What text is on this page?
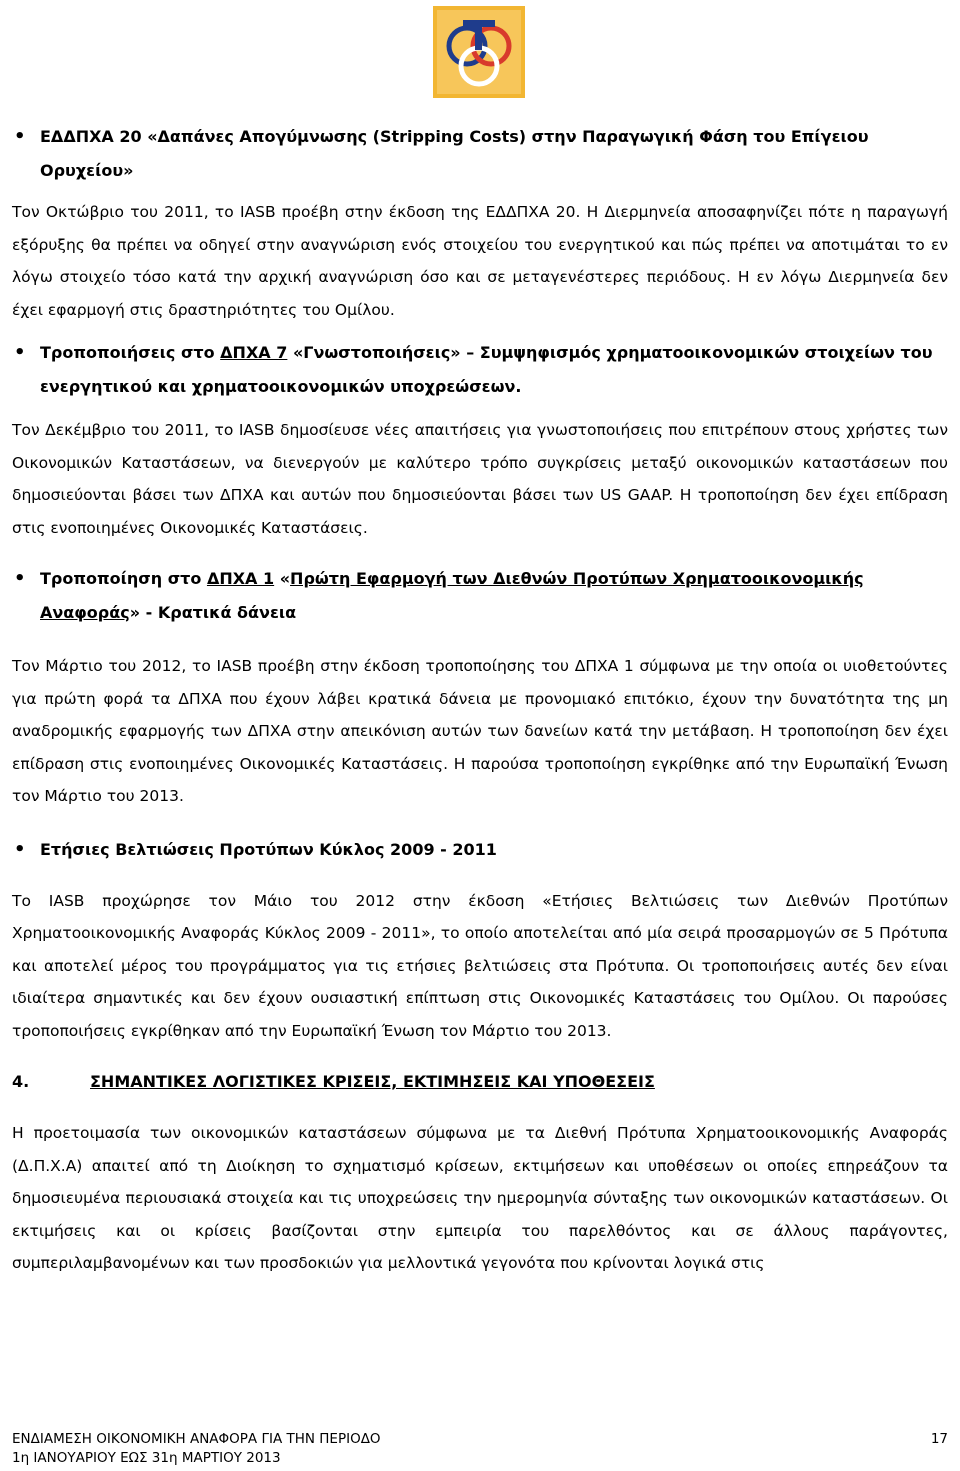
• ΕΔΔΠΧΑ 20 «Δαπάνες Απογύμνωσης (Stripping Costs) στην Παραγωγική Φάση του Επίγειου Ορυχείου»

Τον Οκτώβριο του 2011, το IASB προέβη στην έκδοση της ΕΔΔΠΧΑ 20. Η Διερμηνεία αποσαφηνίζει πότε η παραγωγή εξόρυξης θα πρέπει να οδηγεί στην αναγνώριση ενός στοιχείου του ενεργητικού και πώς πρέπει να αποτιμάται το εν λόγω στοιχείο τόσο κατά την αρχική αναγνώριση όσο και σε μεταγενέστερες περιόδους. Η εν λόγω Διερμηνεία δεν έχει εφαρμογή στις δραστηριότητες του Ομίλου.

• Τροποποιήσεις στο ΔΠΧΑ 7 «Γνωστοποιήσεις» – Συμψηφισμός χρηματοοικονομικών στοιχείων του ενεργητικού και χρηματοοικονομικών υποχρεώσεων.

Τον Δεκέμβριο του 2011, το IASB δημοσίευσε νέες απαιτήσεις για γνωστοποιήσεις που επιτρέπουν στους χρήστες των Οικονομικών Καταστάσεων, να διενεργούν με καλύτερο τρόπο συγκρίσεις μεταξύ οικονομικών καταστάσεων που δημοσιεύονται βάσει των ΔΠΧΑ και αυτών που δημοσιεύονται βάσει των US GAAP. Η τροποποίηση δεν έχει επίδραση στις ενοποιημένες Οικονομικές Καταστάσεις.

• Τροποποίηση στο ΔΠΧΑ 1 «Πρώτη Εφαρμογή των Διεθνών Προτύπων Χρηματοοικονομικής Αναφοράς» - Κρατικά δάνεια

Τον Μάρτιο του 2012, το IASB προέβη στην έκδοση τροποποίησης του ΔΠΧΑ 1 σύμφωνα με την οποία οι υιοθετούντες για πρώτη φορά τα ΔΠΧΑ που έχουν λάβει κρατικά δάνεια με προνομιακό επιτόκιο, έχουν την δυνατότητα της μη αναδρομικής εφαρμογής των ΔΠΧΑ στην απεικόνιση αυτών των δανείων κατά την μετάβαση. Η τροποποίηση δεν έχει επίδραση στις ενοποιημένες Οικονομικές Καταστάσεις. Η παρούσα τροποποίηση εγκρίθηκε από την Ευρωπαϊκή Ένωση τον Μάρτιο του 2013.

• Ετήσιες Βελτιώσεις Προτύπων Κύκλος 2009 - 2011

Το IASB προχώρησε τον Μάιο του 2012 στην έκδοση «Ετήσιες Βελτιώσεις των Διεθνών Προτύπων Χρηματοοικονομικής Αναφοράς Κύκλος 2009 - 2011», το οποίο αποτελείται από μία σειρά προσαρμογών σε 5 Πρότυπα και αποτελεί μέρος του προγράμματος για τις ετήσιες βελτιώσεις στα Πρότυπα. Οι τροποποιήσεις αυτές δεν είναι ιδιαίτερα σημαντικές και δεν έχουν ουσιαστική επίπτωση στις Οικονομικές Καταστάσεις του Ομίλου. Οι παρούσες τροποποιήσεις εγκρίθηκαν από την Ευρωπαϊκή Ένωση τον Μάρτιο του 2013.

4.	ΣΗΜΑΝΤΙΚΕΣ ΛΟΓΙΣΤΙΚΕΣ ΚΡΙΣΕΙΣ, ΕΚΤΙΜΗΣΕΙΣ ΚΑΙ ΥΠΟΘΕΣΕΙΣ

Η προετοιμασία των οικονομικών καταστάσεων σύμφωνα με τα Διεθνή Πρότυπα Χρηματοοικονομικής Αναφοράς (Δ.Π.Χ.Α) απαιτεί από τη Διοίκηση το σχηματισμό κρίσεων, εκτιμήσεων και υποθέσεων οι οποίες επηρεάζουν τα δημοσιευμένα περιουσιακά στοιχεία και τις υποχρεώσεις την ημερομηνία σύνταξης των οικονομικών καταστάσεων. Οι εκτιμήσεις και οι κρίσεις βασίζονται στην εμπειρία του παρελθόντος και σε άλλους παράγοντες, συμπεριλαμβανομένων και των προσδοκιών για μελλοντικά γεγονότα που κρίνονται λογικά στις

ΕΝΔΙΑΜΕΣΗ ΟΙΚΟΝΟΜΙΚΗ ΑΝΑΦΟΡΑ ΓΙΑ ΤΗΝ ΠΕΡΙΟΔΟ
1η ΙΑΝΟΥΑΡΙΟΥ ΕΩΣ 31η ΜΑΡΤΙΟΥ 2013
17
